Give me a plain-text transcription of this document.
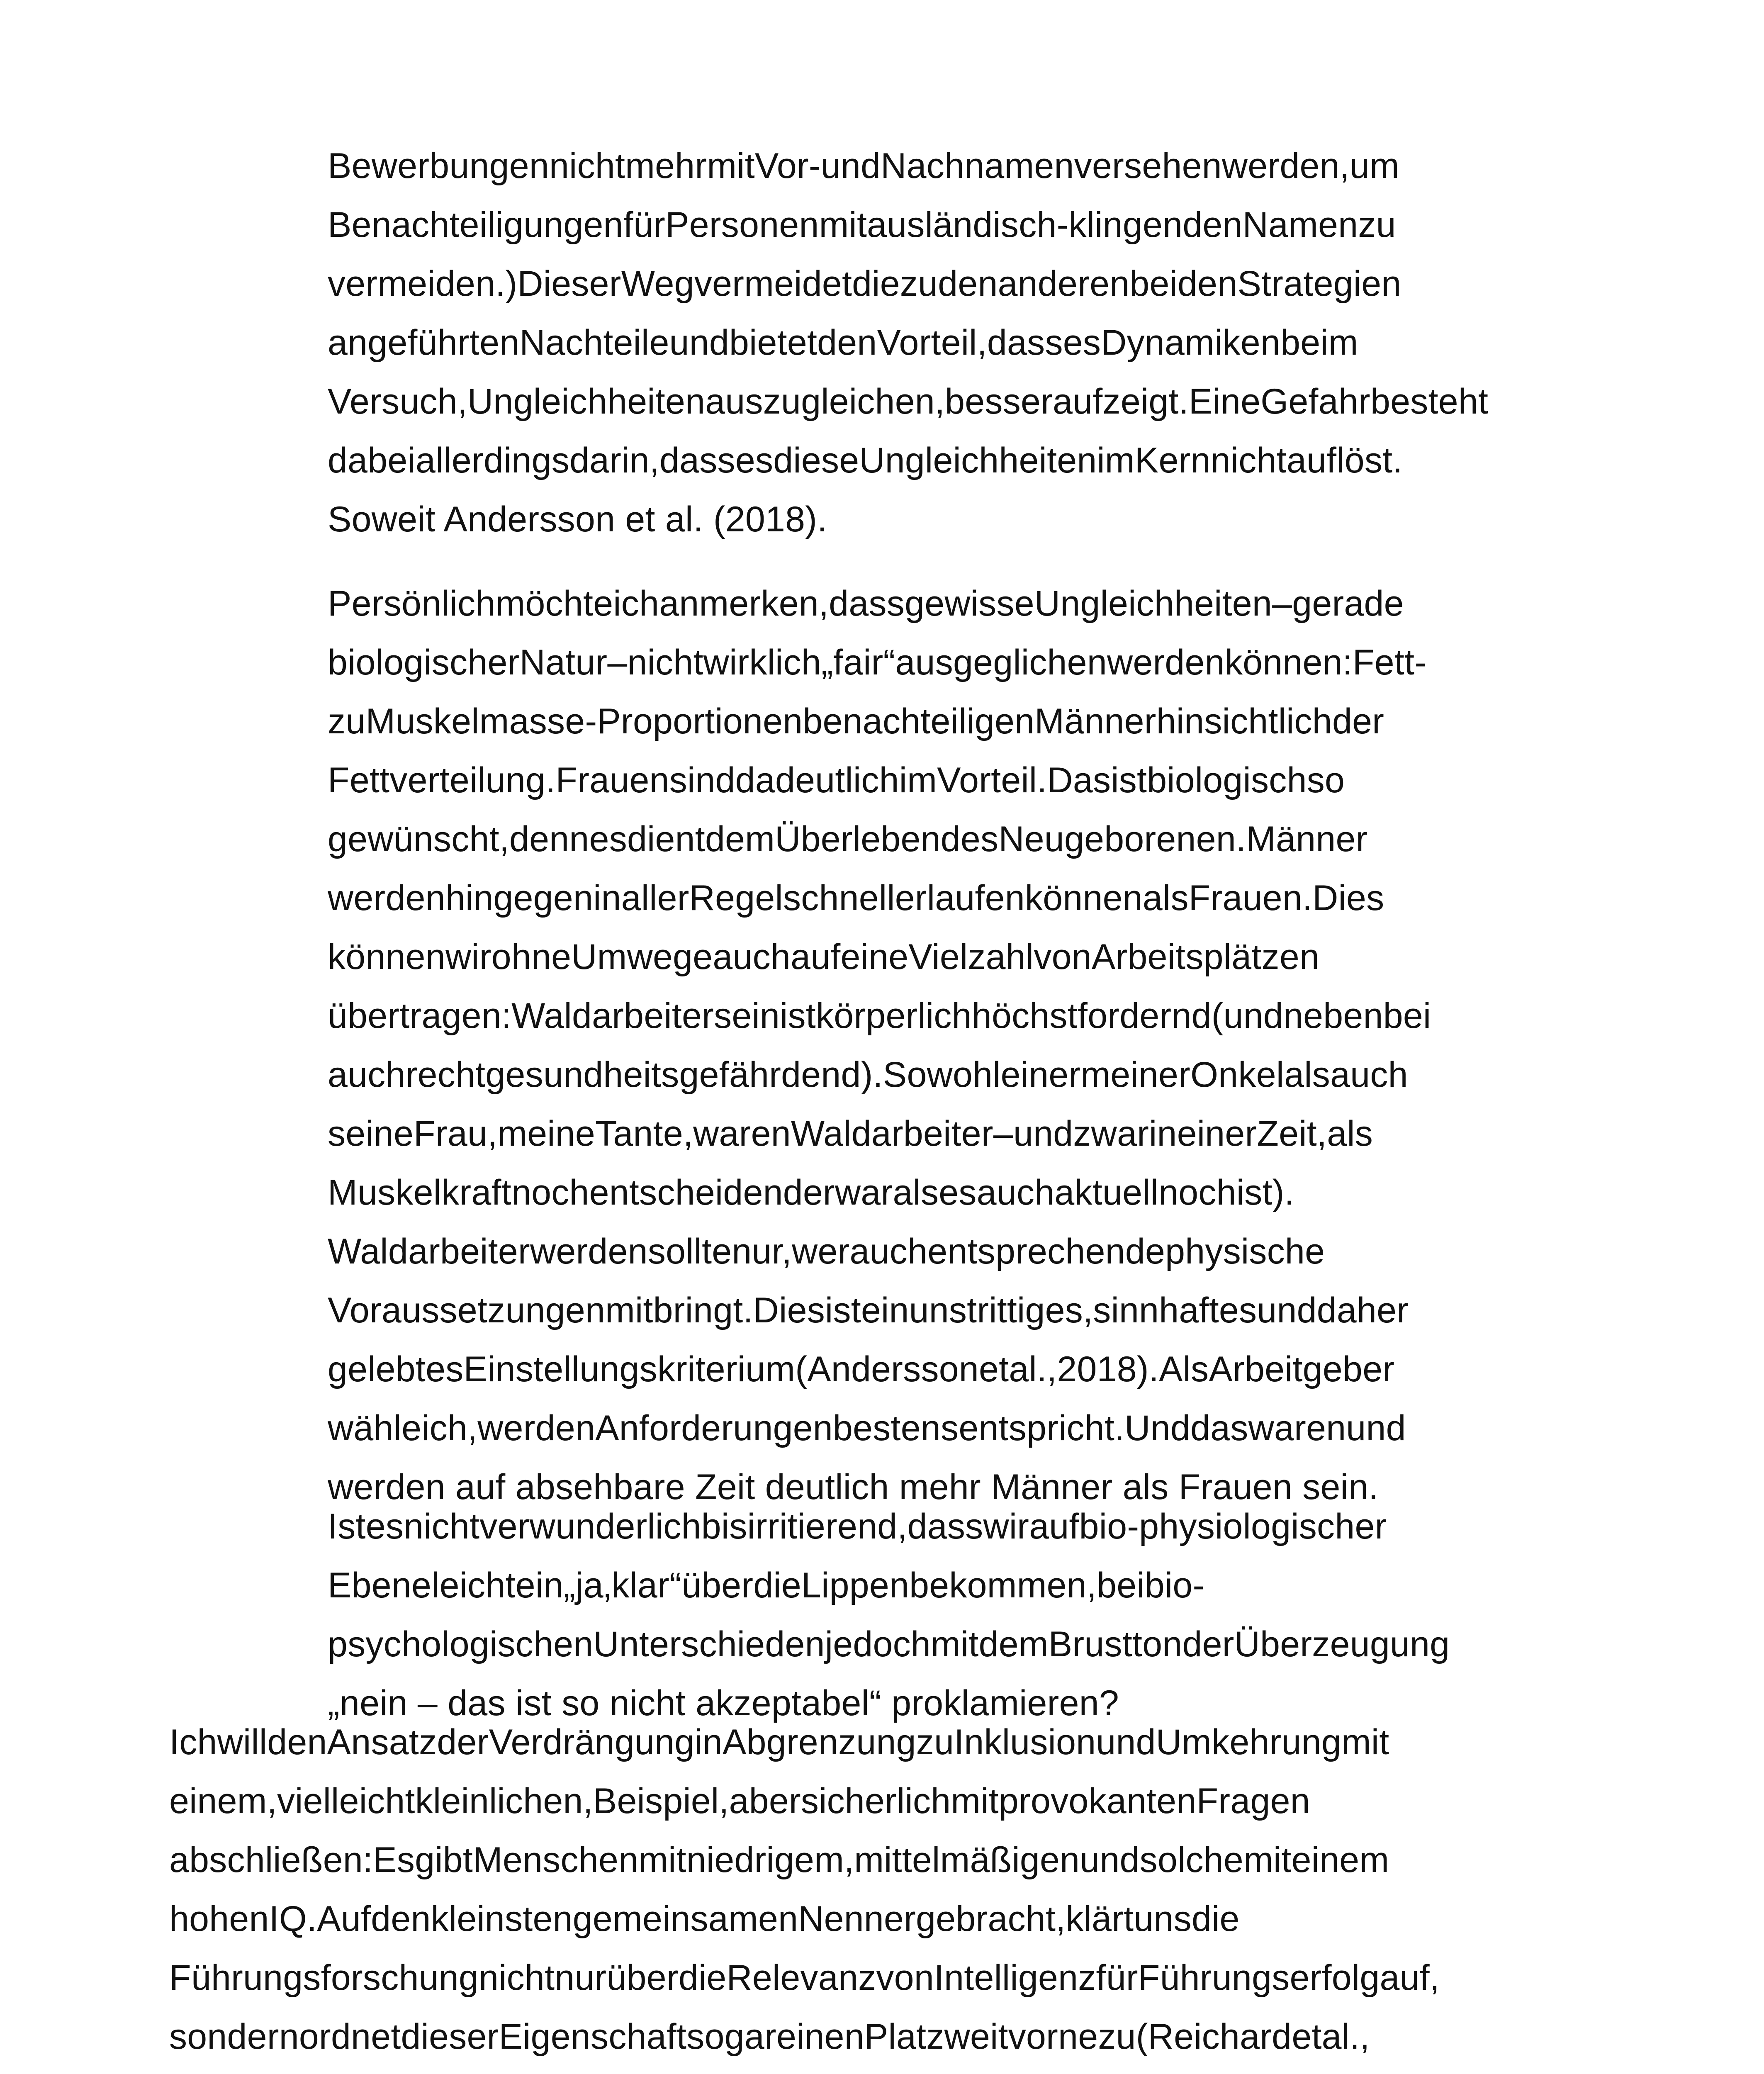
Bewerbungen nicht mehr mit Vor- und Nachnamen versehen werden, um
Benachteiligungen für Personen mit ausländisch-klingenden Namen zu
vermeiden.) Dieser Weg vermeidet die zu den anderen beiden Strategien
angeführten Nachteile und bietet den Vorteil, dass es Dynamiken beim
Versuch, Ungleichheiten auszugleichen, besser aufzeigt. Eine Gefahr besteht
dabei allerdings darin, dass es diese Ungleichheiten im Kern nicht auflöst.
Soweit Andersson et al. (2018).
Persönlich möchte ich anmerken, dass gewisse Ungleichheiten – gerade
biologischer Natur – nicht wirklich „fair“ ausgeglichen werden können: Fett-
zu Muskelmasse-Proportionen benachteiligen Männer hinsichtlich der
Fettverteilung. Frauen sind da deutlich im Vorteil. Das ist biologisch so
gewünscht, denn es dient dem Überleben des Neugeborenen. Männer
werden hingegen in aller Regel schneller laufen können als Frauen. Dies
können wir ohne Umwege auch auf eine Vielzahl von Arbeitsplätzen
übertragen: Waldarbeiter sein ist körperlich höchst fordernd (und nebenbei
auch recht gesundheitsgefährdend). Sowohl einer meiner Onkel als auch
seine Frau, meine Tante, waren Waldarbeiter – und zwar in einer Zeit, als
Muskelkraft noch entscheidender war als es auch aktuell noch ist).
Waldarbeiter werden sollte nur, wer auch entsprechende physische
Voraussetzungen mitbringt. Dies ist ein unstrittiges, sinnhaftes und daher
gelebtes Einstellungskriterium (Andersson et al., 2018). Als Arbeitgeber
wähle ich, wer den Anforderungen bestens entspricht. Und das waren und
werden auf absehbare Zeit deutlich mehr Männer als Frauen sein.
Ist es nicht verwunderlich bis irritierend, dass wir auf bio-physiologischer
Ebene leicht ein „ja ‚klar“ über die Lippen bekommen, bei bio-
psychologischen Unterschieden jedoch mit dem Brustton der Überzeugung
„nein – das ist so nicht akzeptabel“ proklamieren?
Ich will den Ansatz der Verdrängung in Abgrenzung zu Inklusion und Umkehrung mit
einem, vielleicht kleinlichen, Beispiel, aber sicherlich mit provokanten Fragen
abschließen: Es gibt Menschen mit niedrigem, mittelmäßigen und solche mit einem
hohen IQ. Auf den kleinsten gemeinsamen Nenner gebracht, klärt uns die
Führungsforschung nicht nur über die Relevanz von Intelligenz für Führungserfolg auf,
sondern ordnet dieser Eigenschaft sogar einen Platz weit vorne zu (Reichard et al.,
